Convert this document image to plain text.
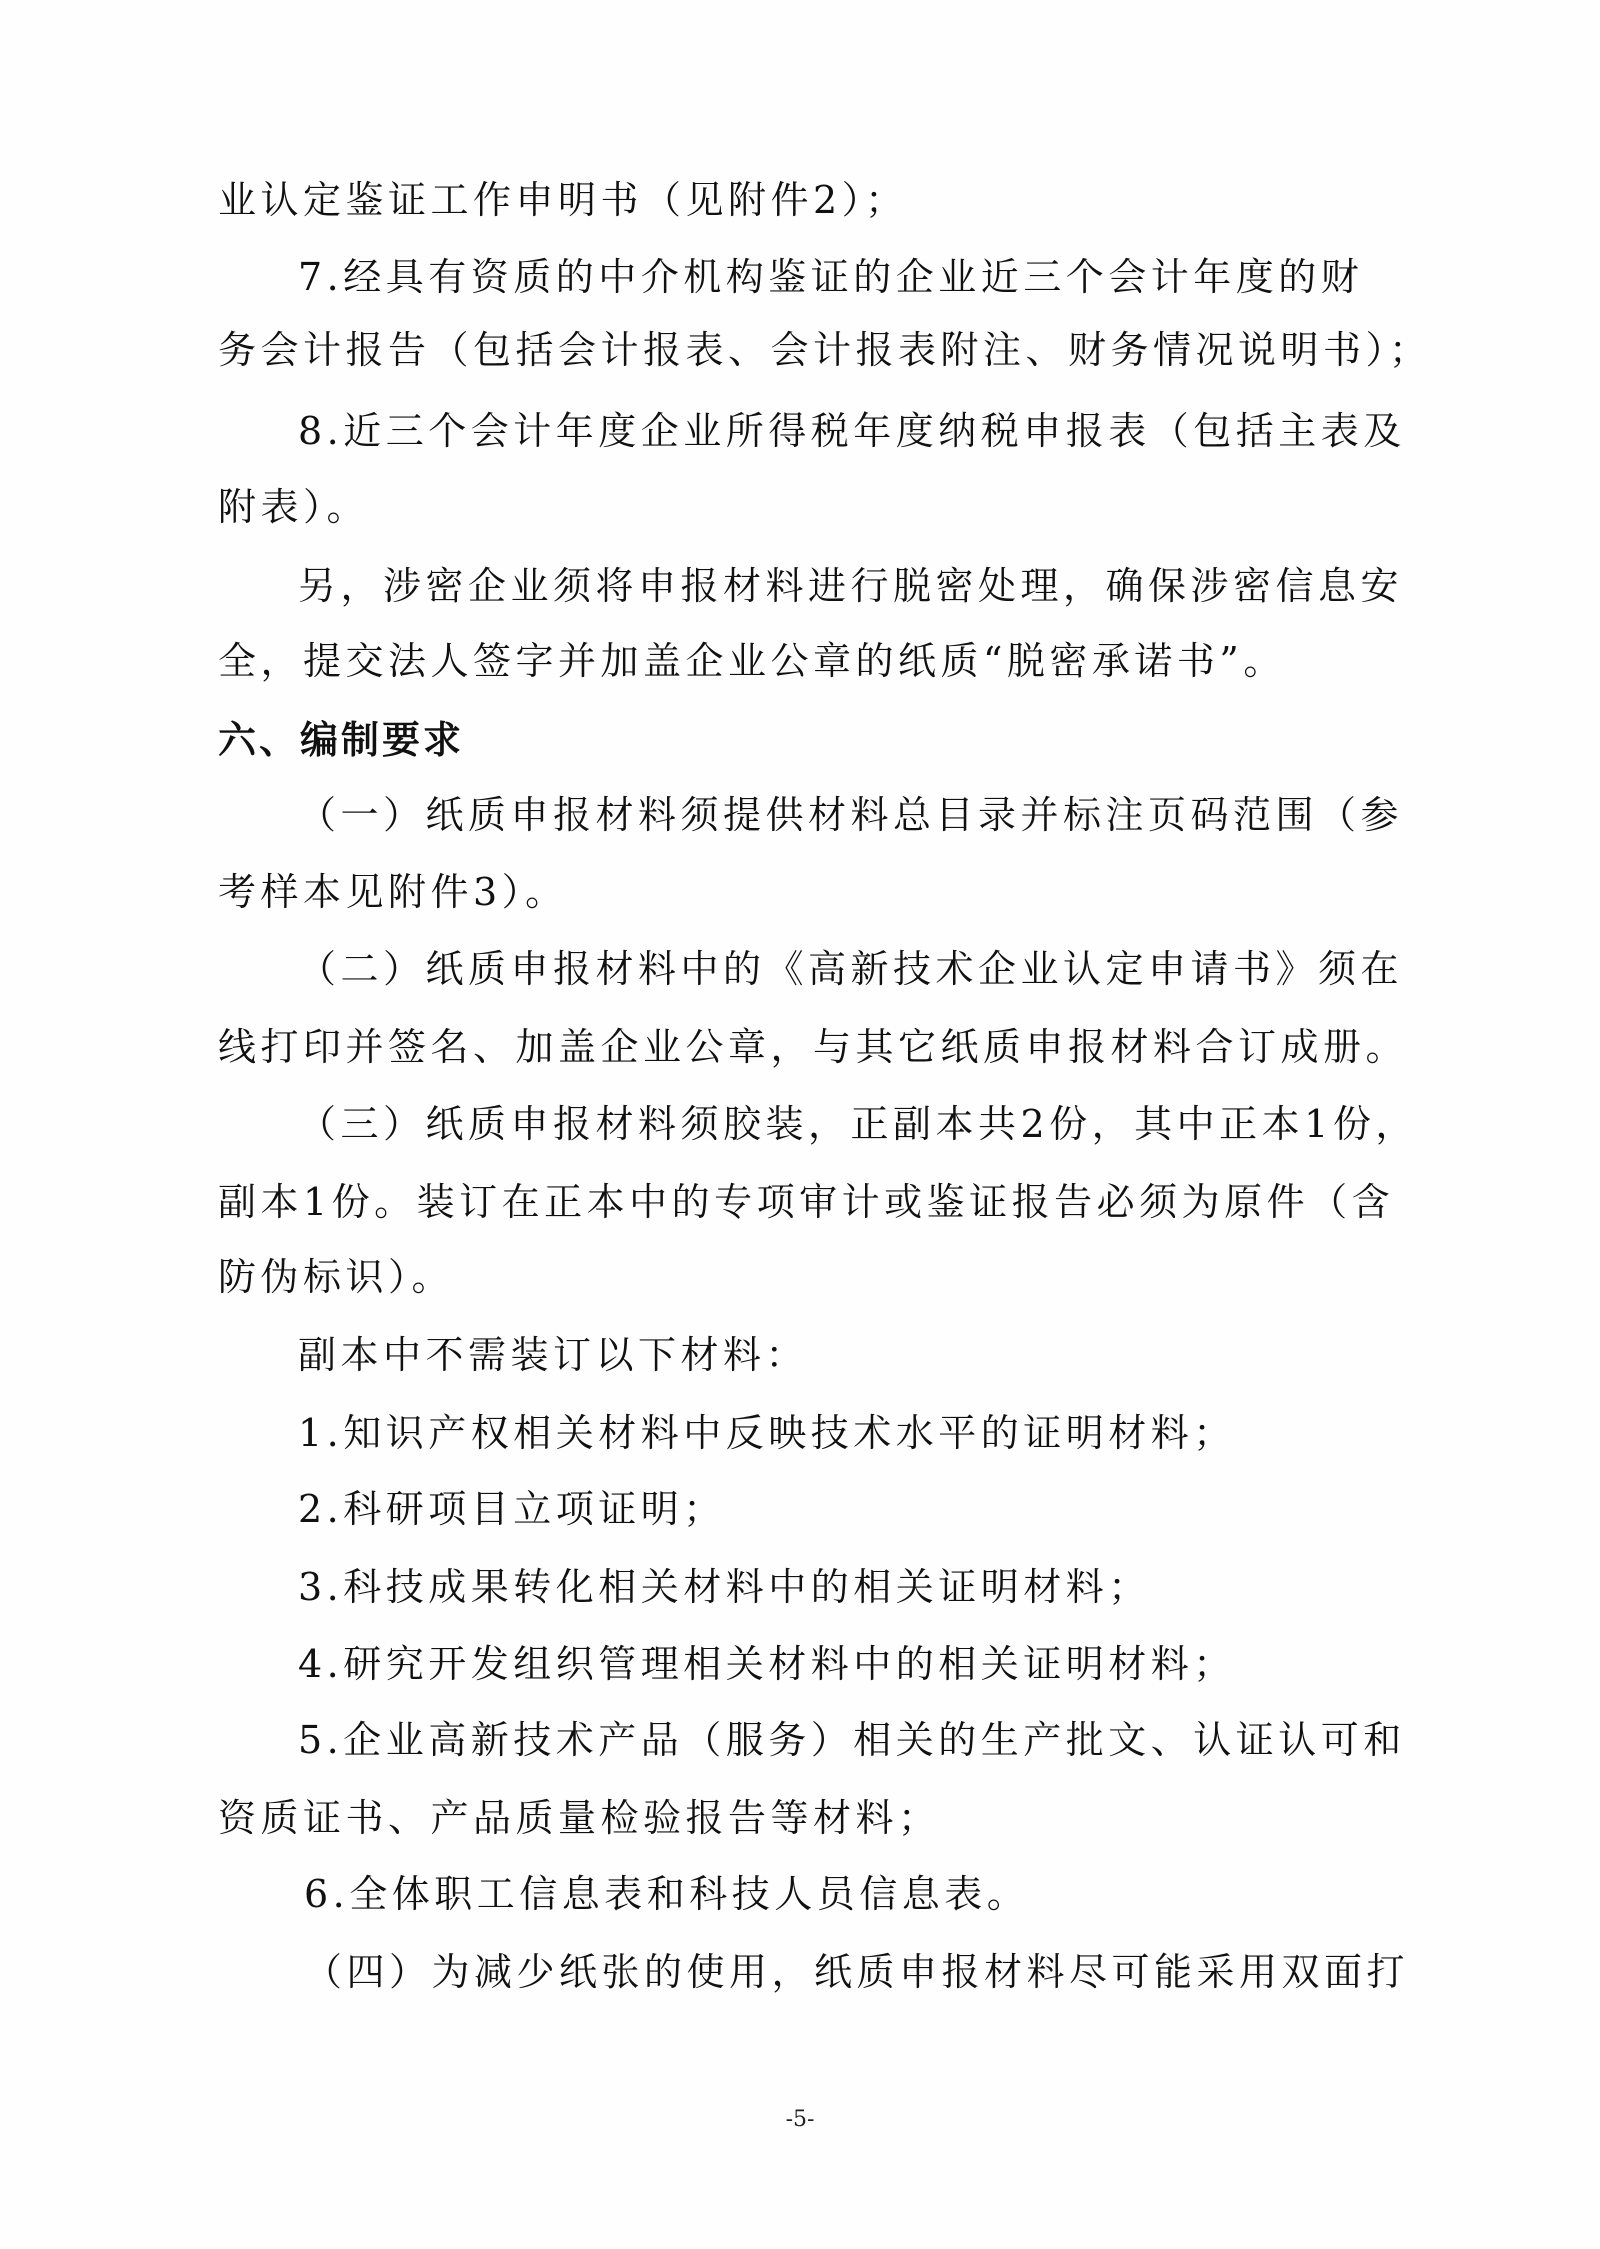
业认定鉴证工作申明书（见附件2）；
7.经具有资质的中介机构鉴证的企业近三个会计年度的财
务会计报告（包括会计报表、会计报表附注、财务情况说明书）；
8.近三个会计年度企业所得税年度纳税申报表（包括主表及
附表）。
另，涉密企业须将申报材料进行脱密处理，确保涉密信息安
全，提交法人签字并加盖企业公章的纸质“脱密承诺书”。
六、编制要求
（一）纸质申报材料须提供材料总目录并标注页码范围（参
考样本见附件3）。
（二）纸质申报材料中的《高新技术企业认定申请书》须在
线打印并签名、加盖企业公章，与其它纸质申报材料合订成册。
（三）纸质申报材料须胶装，正副本共2份，其中正本1份，
副本1份。装订在正本中的专项审计或鉴证报告必须为原件（含
防伪标识）。
副本中不需装订以下材料：
1.知识产权相关材料中反映技术水平的证明材料；
2.科研项目立项证明；
3.科技成果转化相关材料中的相关证明材料；
4.研究开发组织管理相关材料中的相关证明材料；
5.企业高新技术产品（服务）相关的生产批文、认证认可和
资质证书、产品质量检验报告等材料；
6.全体职工信息表和科技人员信息表。
（四）为减少纸张的使用，纸质申报材料尽可能采用双面打
-5-
